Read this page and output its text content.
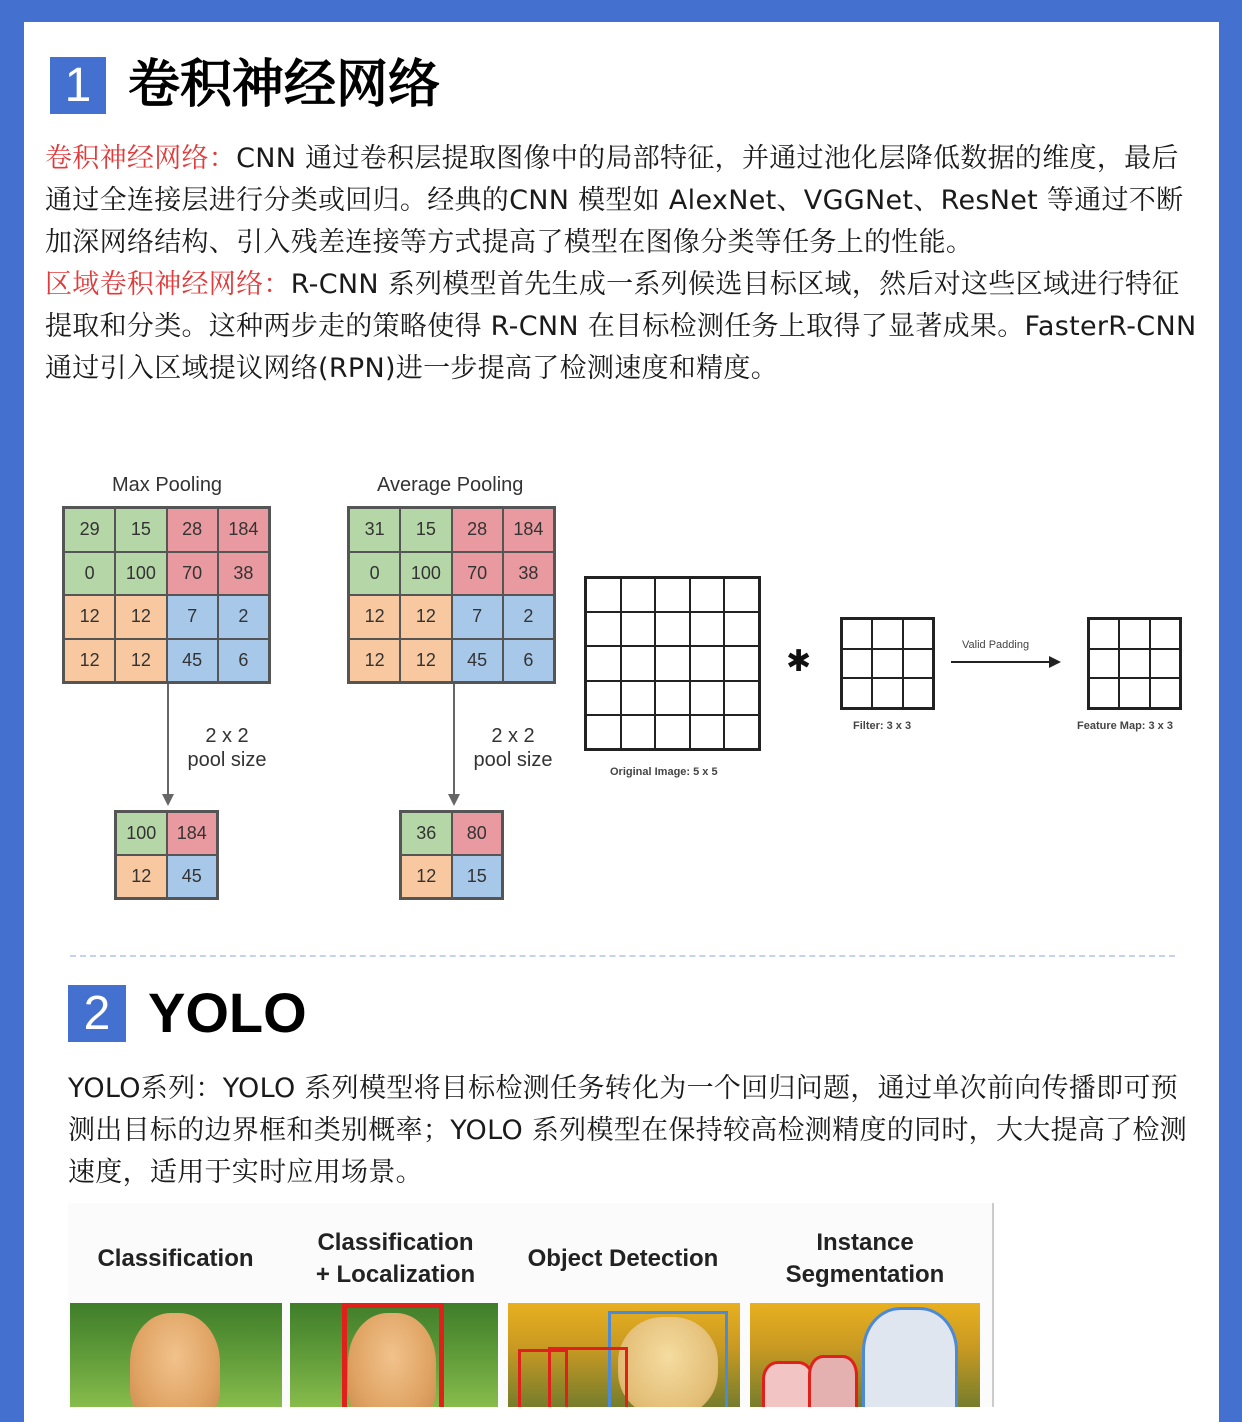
1 卷积神经网络

卷积神经网络：CNN 通过卷积层提取图像中的局部特征，并通过池化层降低数据的维度，最后通过全连接层进行分类或回归。经典的CNN 模型如 AlexNet、VGGNet、ResNet 等通过不断加深网络结构、引入残差连接等方式提高了模型在图像分类等任务上的性能。

区域卷积神经网络：R-CNN 系列模型首先生成一系列候选目标区域，然后对这些区域进行特征提取和分类。这种两步走的策略使得 R-CNN 在目标检测任务上取得了显著成果。FasterR-CNN 通过引入区域提议网络(RPN)进一步提高了检测速度和精度。

Max Pooling
29	15	28	184
0	100	70	38
12	12	7	2
12	12	45	6
2 x 2
pool size
100	184
12	45
Average Pooling
31	15	28	184
0	100	70	38
12	12	7	2
12	12	45	6
2 x 2
pool size
36	80
12	15
Original Image: 5 x 5
✱
Filter: 3 x 3
Valid Padding
Feature Map: 3 x 3
2 YOLO

YOLO系列：YOLO 系列模型将目标检测任务转化为一个回归问题，通过单次前向传播即可预测出目标的边界框和类别概率；YOLO 系列模型在保持较高检测精度的同时，大大提高了检测速度，适用于实时应用场景。

Classification
Classification
+ Localization
Object Detection
Instance
Segmentation
